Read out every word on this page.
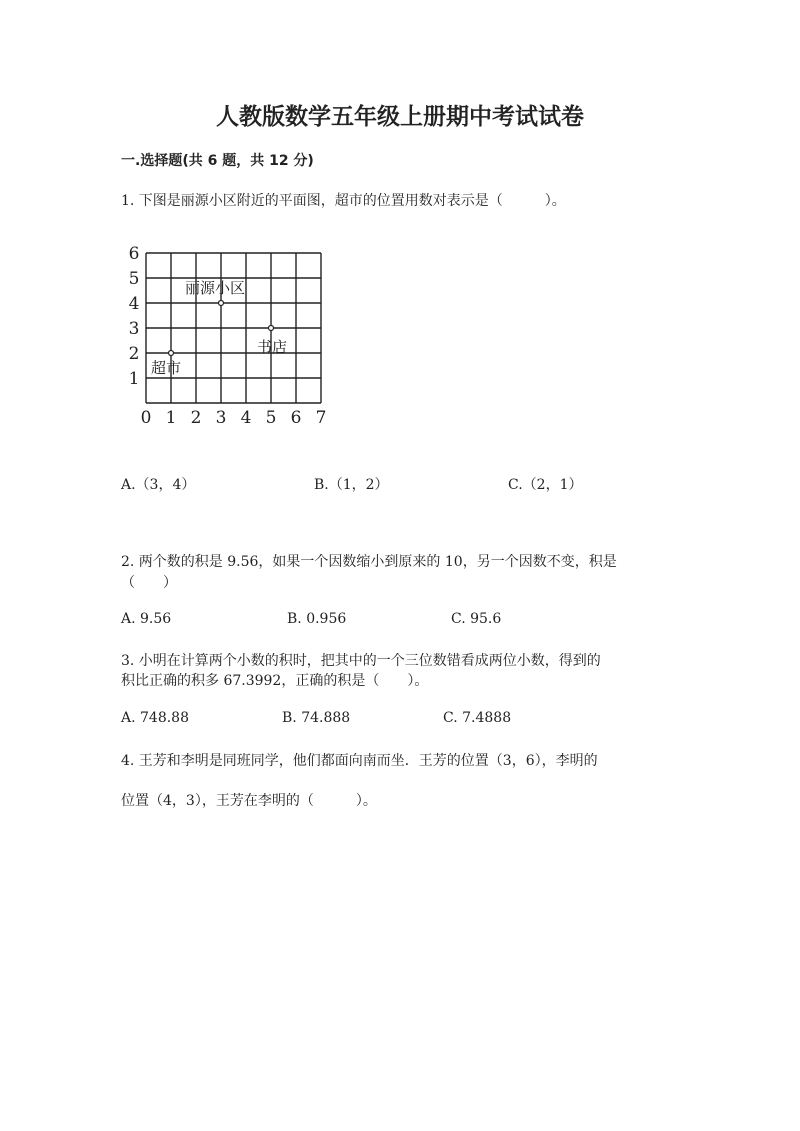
人教版数学五年级上册期中考试试卷
一.选择题(共 6 题，共 12 分)
1. 下图是丽源小区附近的平面图，超市的位置用数对表示是（　　　）。
0 1 2 3 4 5 6 7
1
2
3
4
5
6
超市
丽源小区
书店
A.（3，4）	B.（1，2）	C.（2，1）
2. 两个数的积是 9.56，如果一个因数缩小到原来的 10，另一个因数不变，积是
（　　）
A. 9.56	B. 0.956	C. 95.6
3. 小明在计算两个小数的积时，把其中的一个三位数错看成两位小数，得到的
积比正确的积多 67.3992，正确的积是（　　）。
A. 748.88	B. 74.888	C. 7.4888
4. 王芳和李明是同班同学，他们都面向南而坐．王芳的位置（3，6），李明的
位置（4，3），王芳在李明的（　　　）。
